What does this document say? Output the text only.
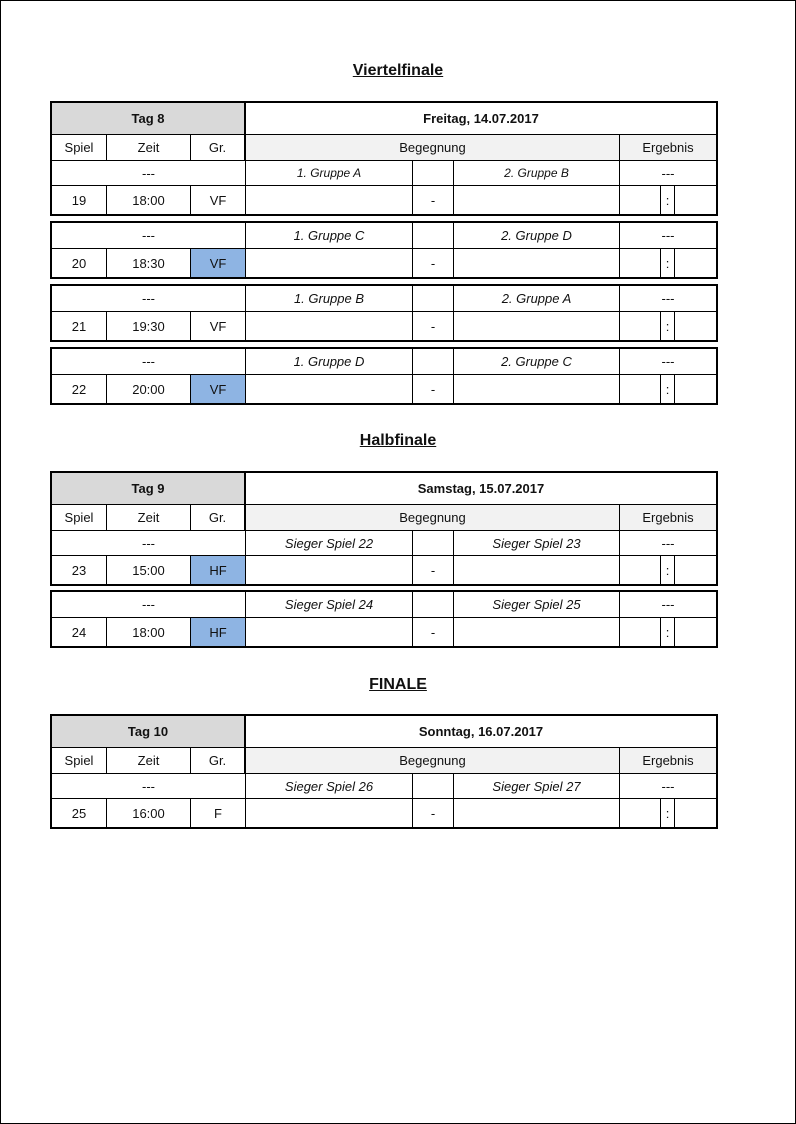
Viertelfinale
Tag 8	Freitag, 14.07.2017
Spiel	Zeit	Gr.	Begegnung	Ergebnis
---	1. Gruppe A	2. Gruppe B	---
19	18:00	VF	-	:
---	1. Gruppe C	2. Gruppe D	---
20	18:30	VF	-	:
---	1. Gruppe B	2. Gruppe A	---
21	19:30	VF	-	:
---	1. Gruppe D	2. Gruppe C	---
22	20:00	VF	-	:
Halbfinale
Tag 9	Samstag, 15.07.2017
Spiel	Zeit	Gr.	Begegnung	Ergebnis
---	Sieger Spiel 22	Sieger Spiel 23	---
23	15:00	HF	-	:
---	Sieger Spiel 24	Sieger Spiel 25	---
24	18:00	HF	-	:
FINALE
Tag 10	Sonntag, 16.07.2017
Spiel	Zeit	Gr.	Begegnung	Ergebnis
---	Sieger Spiel 26	Sieger Spiel 27	---
25	16:00	F	-	:
